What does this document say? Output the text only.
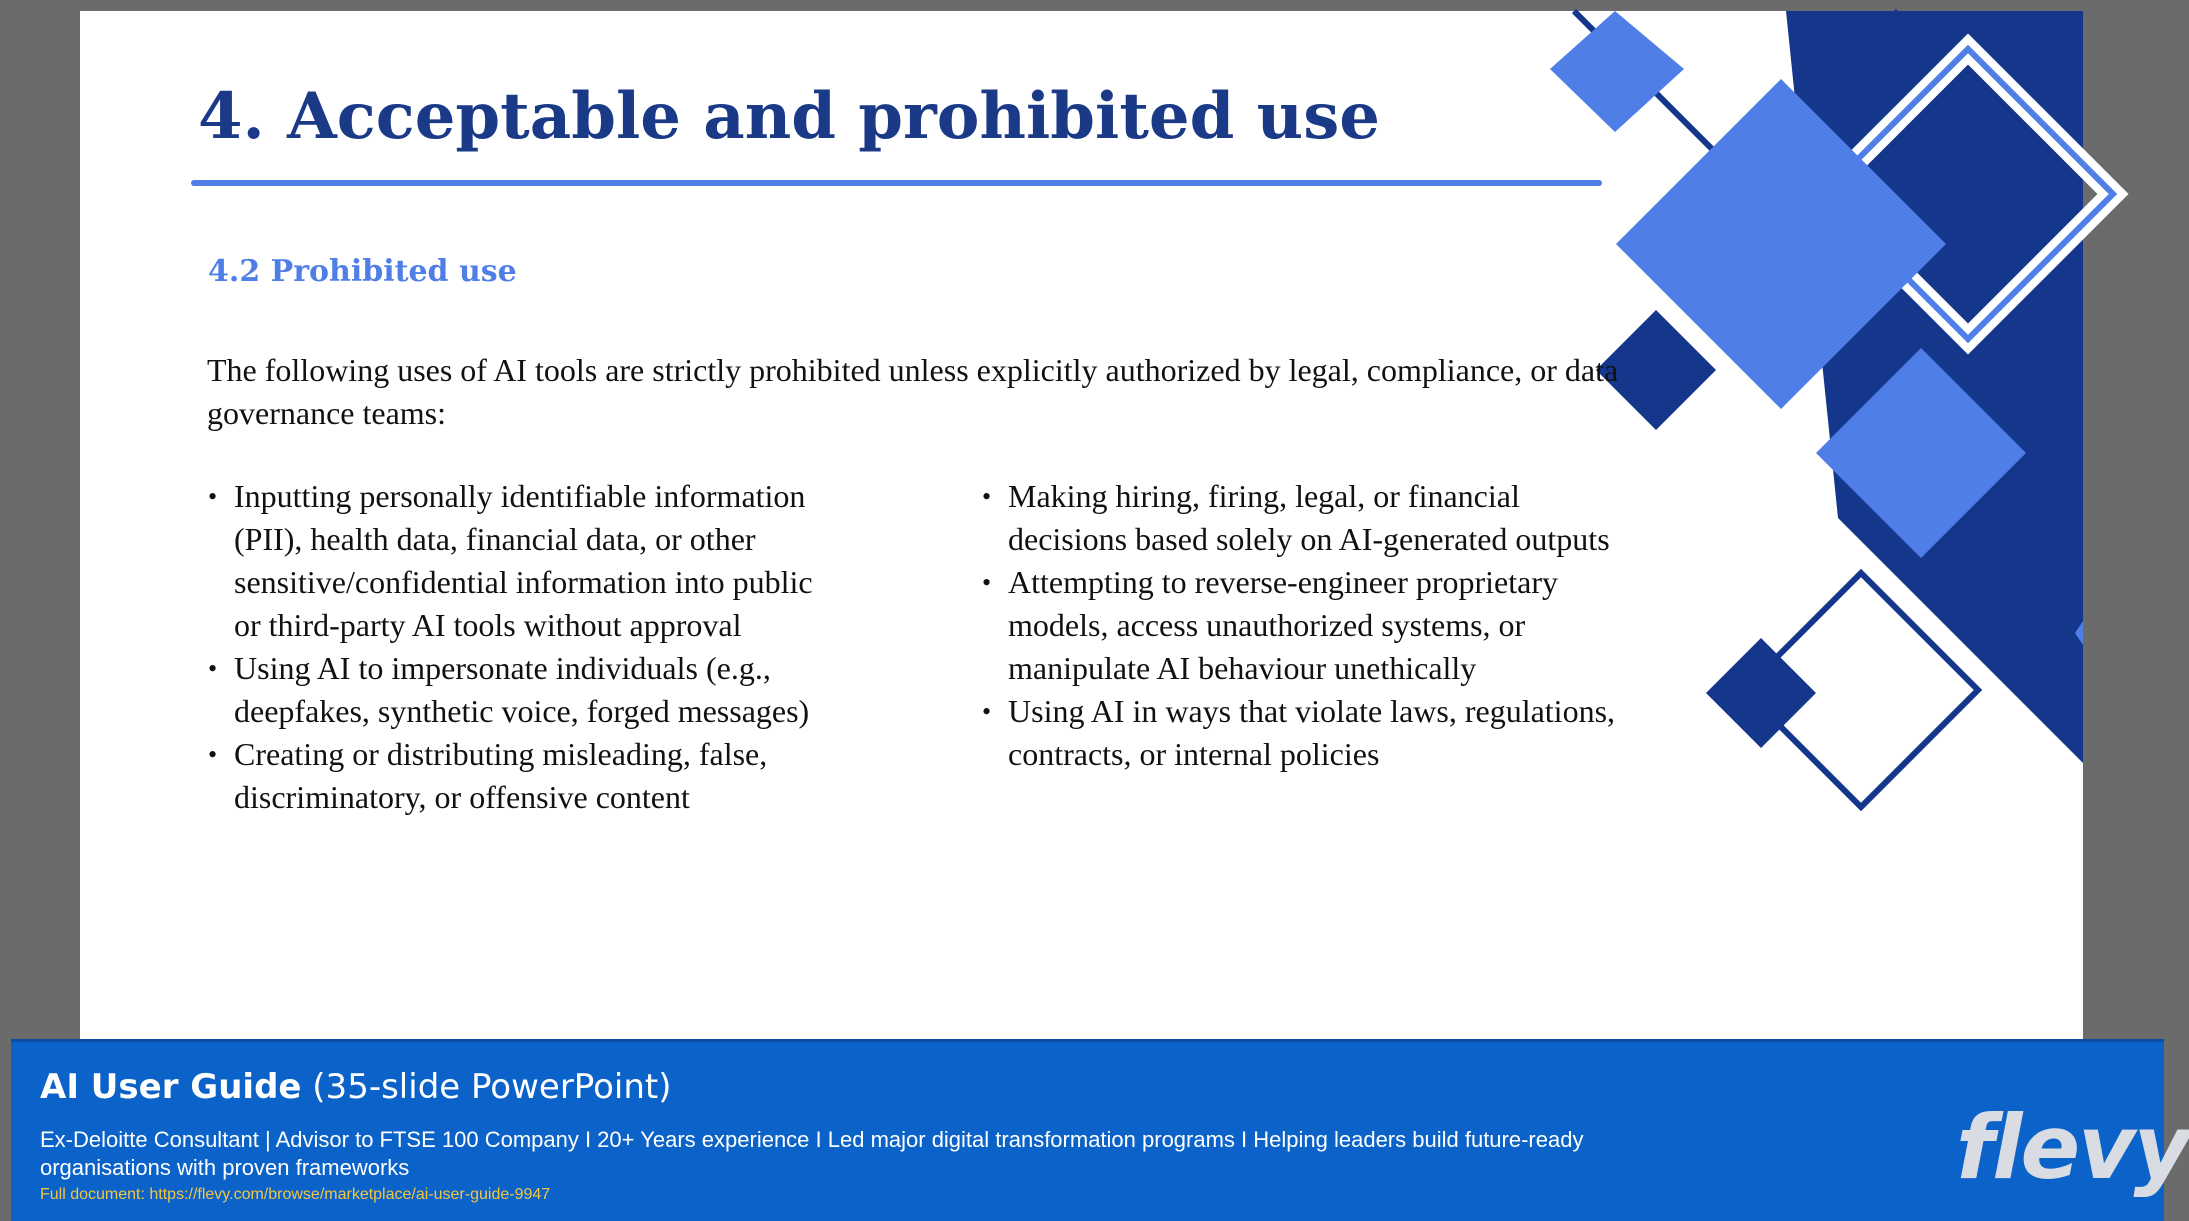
4. Acceptable and prohibited use
4.2 Prohibited use

The following uses of AI tools are strictly prohibited unless explicitly authorized by legal, compliance, or data governance teams:

• Inputting personally identifiable information (PII), health data, financial data, or other sensitive/confidential information into public or third-party AI tools without approval
• Using AI to impersonate individuals (e.g., deepfakes, synthetic voice, forged messages)
• Creating or distributing misleading, false, discriminatory, or offensive content
• Making hiring, firing, legal, or financial decisions based solely on AI-generated outputs
• Attempting to reverse-engineer proprietary models, access unauthorized systems, or manipulate AI behaviour unethically
• Using AI in ways that violate laws, regulations, contracts, or internal policies

AI User Guide (35-slide PowerPoint)

Ex-Deloitte Consultant | Advisor to FTSE 100 Company I 20+ Years experience I Led major digital transformation programs I Helping leaders build future-ready organisations with proven frameworks

Full document: https://flevy.com/browse/marketplace/ai-user-guide-9947	flevy
